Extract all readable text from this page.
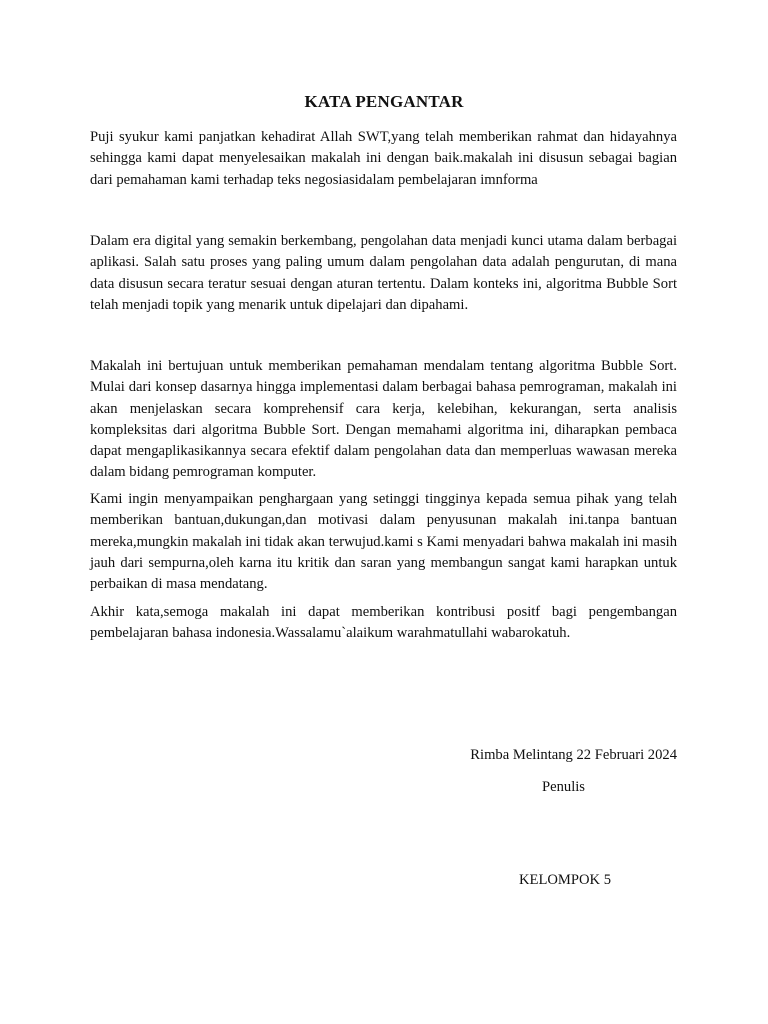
KATA PENGANTAR

Puji syukur kami panjatkan kehadirat Allah SWT,yang telah memberikan rahmat dan hidayahnya sehingga kami dapat menyelesaikan makalah ini dengan baik.makalah ini disusun sebagai bagian dari pemahaman kami terhadap teks negosiasidalam pembelajaran imnforma

Dalam era digital yang semakin berkembang, pengolahan data menjadi kunci utama dalam berbagai aplikasi. Salah satu proses yang paling umum dalam pengolahan data adalah pengurutan, di mana data disusun secara teratur sesuai dengan aturan tertentu. Dalam konteks ini, algoritma Bubble Sort telah menjadi topik yang menarik untuk dipelajari dan dipahami.

Makalah ini bertujuan untuk memberikan pemahaman mendalam tentang algoritma Bubble Sort. Mulai dari konsep dasarnya hingga implementasi dalam berbagai bahasa pemrograman, makalah ini akan menjelaskan secara komprehensif cara kerja, kelebihan, kekurangan, serta analisis kompleksitas dari algoritma Bubble Sort. Dengan memahami algoritma ini, diharapkan pembaca dapat mengaplikasikannya secara efektif dalam pengolahan data dan memperluas wawasan mereka dalam bidang pemrograman komputer.

Kami ingin menyampaikan penghargaan yang setinggi tingginya kepada semua pihak yang telah memberikan bantuan,dukungan,dan motivasi dalam penyusunan makalah ini.tanpa bantuan mereka,mungkin makalah ini tidak akan terwujud.kami s Kami menyadari bahwa makalah ini masih jauh dari sempurna,oleh karna itu kritik dan saran yang membangun sangat kami harapkan untuk perbaikan di masa mendatang.

Akhir kata,semoga makalah ini dapat memberikan kontribusi positf bagi pengembangan pembelajaran bahasa indonesia.Wassalamu`alaikum warahmatullahi wabarokatuh.

Rimba Melintang 22 Februari 2024

Penulis

KELOMPOK 5
